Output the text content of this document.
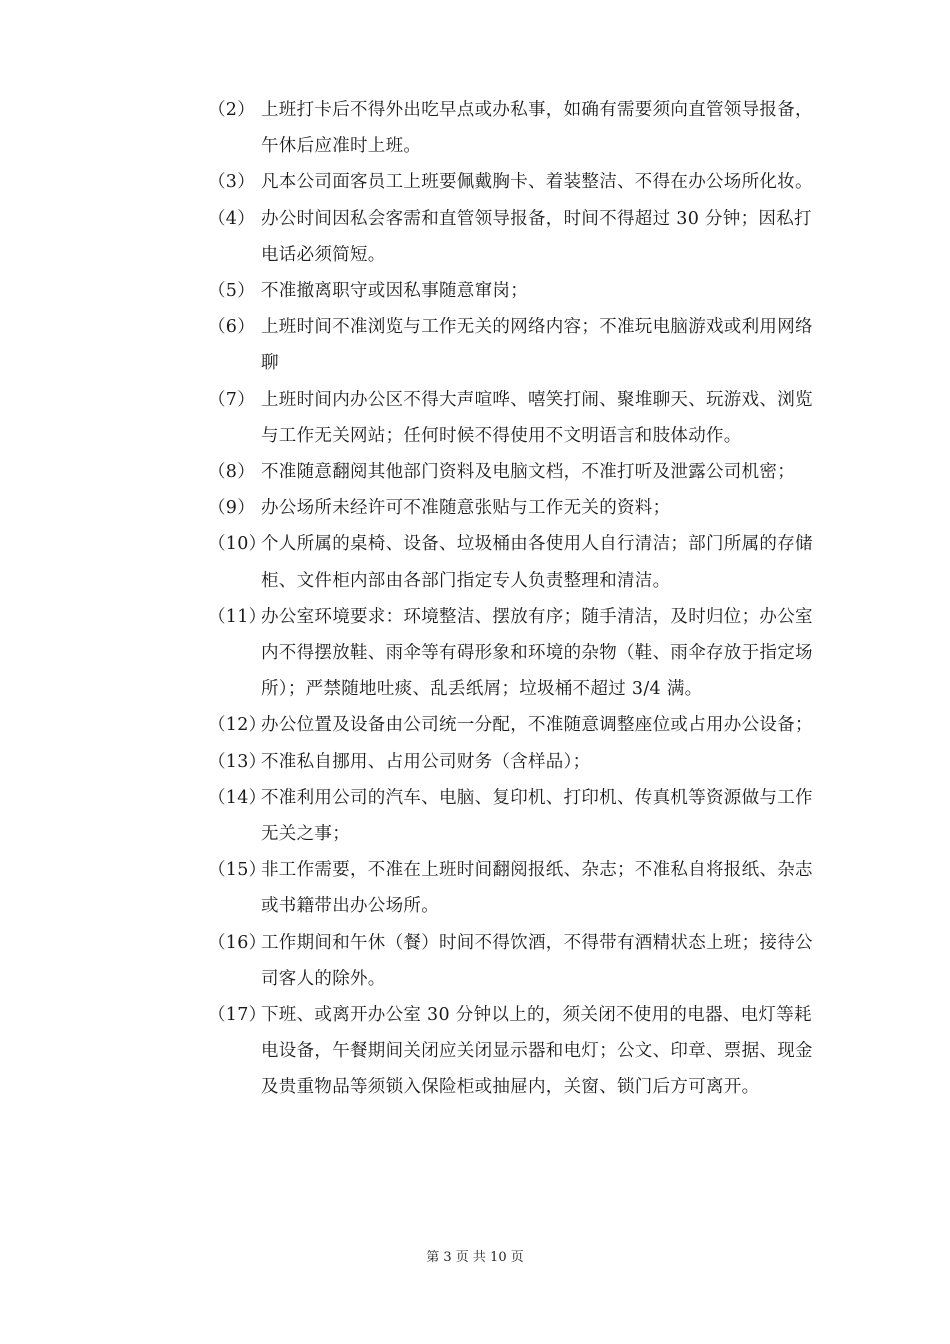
（2） 上班打卡后不得外出吃早点或办私事，如确有需要须向直管领导报备，午休后应准时上班。
（3） 凡本公司面客员工上班要佩戴胸卡、着装整洁、不得在办公场所化妆。
（4） 办公时间因私会客需和直管领导报备，时间不得超过 30 分钟；因私打电话必须简短。
（5） 不准撤离职守或因私事随意窜岗；
（6） 上班时间不准浏览与工作无关的网络内容；不准玩电脑游戏或利用网络聊
（7） 上班时间内办公区不得大声喧哗、嘻笑打闹、聚堆聊天、玩游戏、浏览与工作无关网站；任何时候不得使用不文明语言和肢体动作。
（8） 不准随意翻阅其他部门资料及电脑文档，不准打听及泄露公司机密；
（9） 办公场所未经许可不准随意张贴与工作无关的资料；
（10）
个人所属的桌椅、设备、垃圾桶由各使用人自行清洁；部门所属的存储柜、文件柜内部由各部门指定专人负责整理和清洁。
（11）
办公室环境要求：环境整洁、摆放有序；随手清洁，及时归位；办公室内不得摆放鞋、雨伞等有碍形象和环境的杂物（鞋、雨伞存放于指定场所）；严禁随地吐痰、乱丢纸屑；垃圾桶不超过 3/4 满。
（12）
办公位置及设备由公司统一分配，不准随意调整座位或占用办公设备；
（13）
不准私自挪用、占用公司财务（含样品）；
（14）
不准利用公司的汽车、电脑、复印机、打印机、传真机等资源做与工作无关之事；
（15）
非工作需要，不准在上班时间翻阅报纸、杂志；不准私自将报纸、杂志或书籍带出办公场所。
（16）
工作期间和午休（餐）时间不得饮酒，不得带有酒精状态上班；接待公司客人的除外。
（17）
下班、或离开办公室 30 分钟以上的，须关闭不使用的电器、电灯等耗电设备，午餐期间关闭应关闭显示器和电灯；公文、印章、票据、现金及贵重物品等须锁入保险柜或抽屉内，关窗、锁门后方可离开。
第 3 页 共 10 页
